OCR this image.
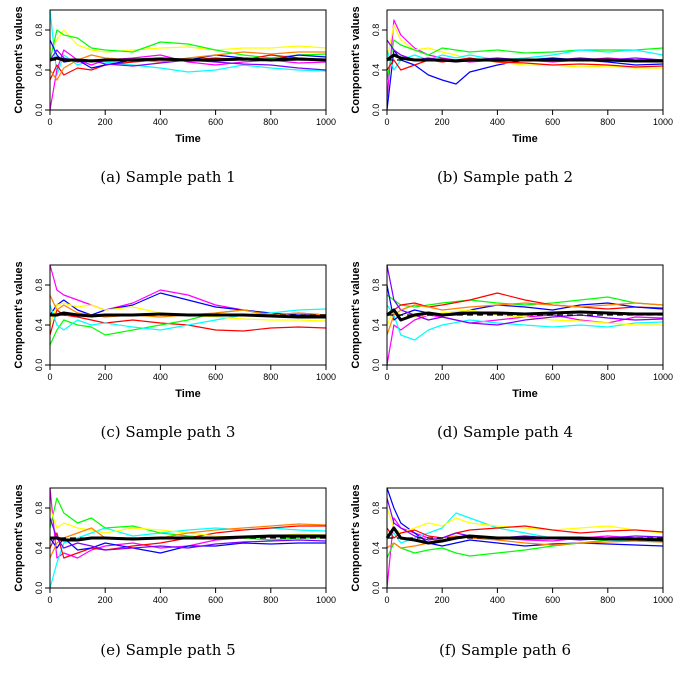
0	200	400	600	800	1000
0.0
0.4
0.8
Time
Component's values
(a) Sample path 1
0	200	400	600	800	1000
0.0
0.4
0.8
Time
Component's values
(b) Sample path 2
0	200	400	600	800	1000
0.0
0.4
0.8
Time
Component's values
(c) Sample path 3
0	200	400	600	800	1000
0.0
0.4
0.8
Time
Component's values
(d) Sample path 4
0	200	400	600	800	1000
0.0
0.4
0.8
Time
Component's values
(e) Sample path 5
0	200	400	600	800	1000
0.0
0.4
0.8
Time
Component's values
(f) Sample path 6
